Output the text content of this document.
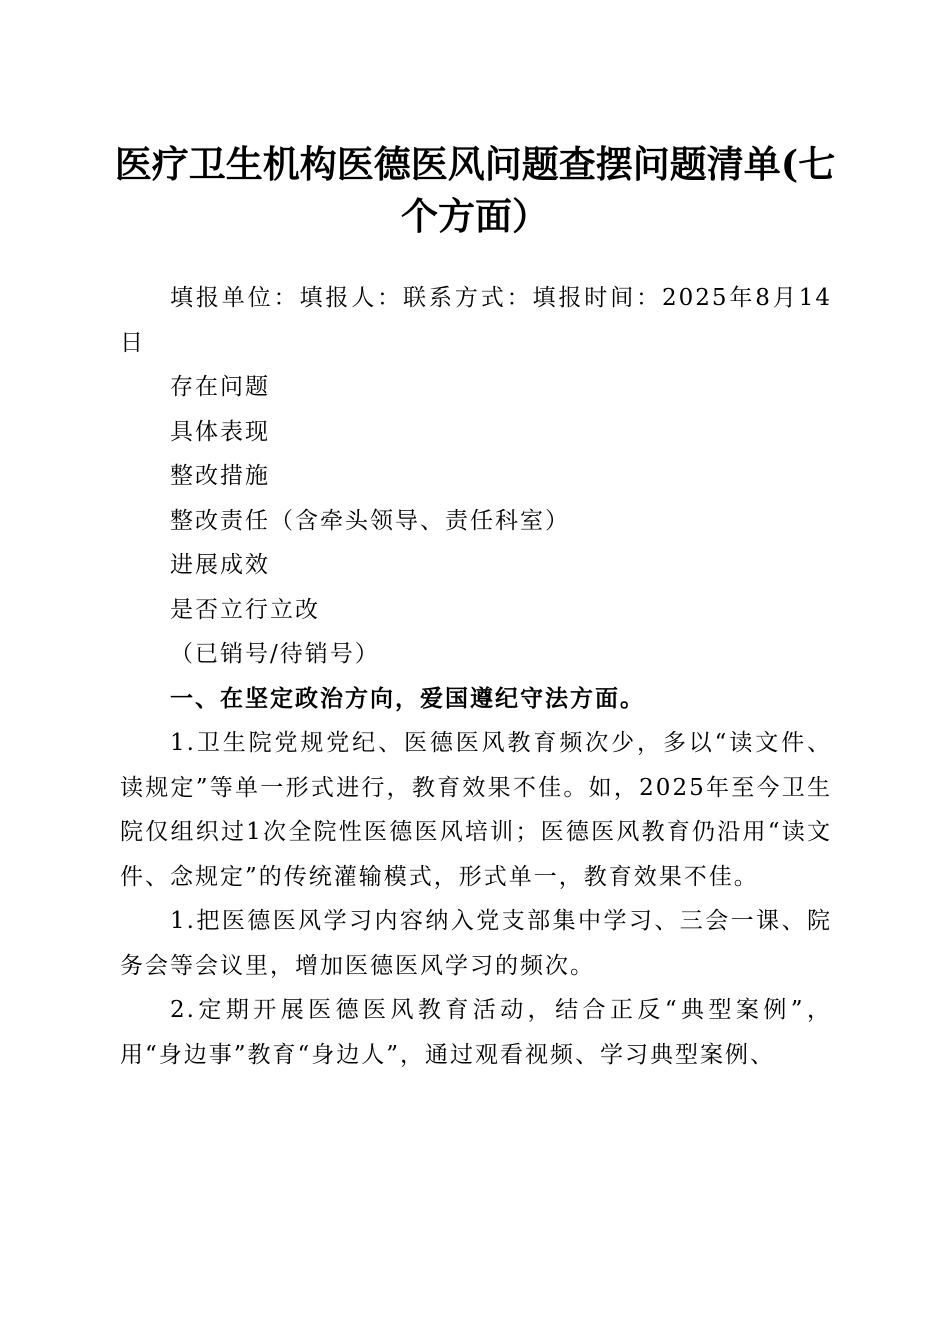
医疗卫生机构医德医风问题查摆问题清单(七
个方面）

填报单位：填报人：联系方式：填报时间：2025年8月14日

存在问题

具体表现

整改措施

整改责任（含牵头领导、责任科室）

进展成效

是否立行立改

（已销号/待销号）

一、在坚定政治方向，爱国遵纪守法方面。

1.卫生院党规党纪、医德医风教育频次少，多以“读文件、读规定”等单一形式进行，教育效果不佳。如，2025年至今卫生院仅组织过1次全院性医德医风培训；医德医风教育仍沿用“读文件、念规定”的传统灌输模式，形式单一，教育效果不佳。

1.把医德医风学习内容纳入党支部集中学习、三会一课、院务会等会议里，增加医德医风学习的频次。

2.定期开展医德医风教育活动，结合正反“典型案例”，用“身边事”教育“身边人”，通过观看视频、学习典型案例、
